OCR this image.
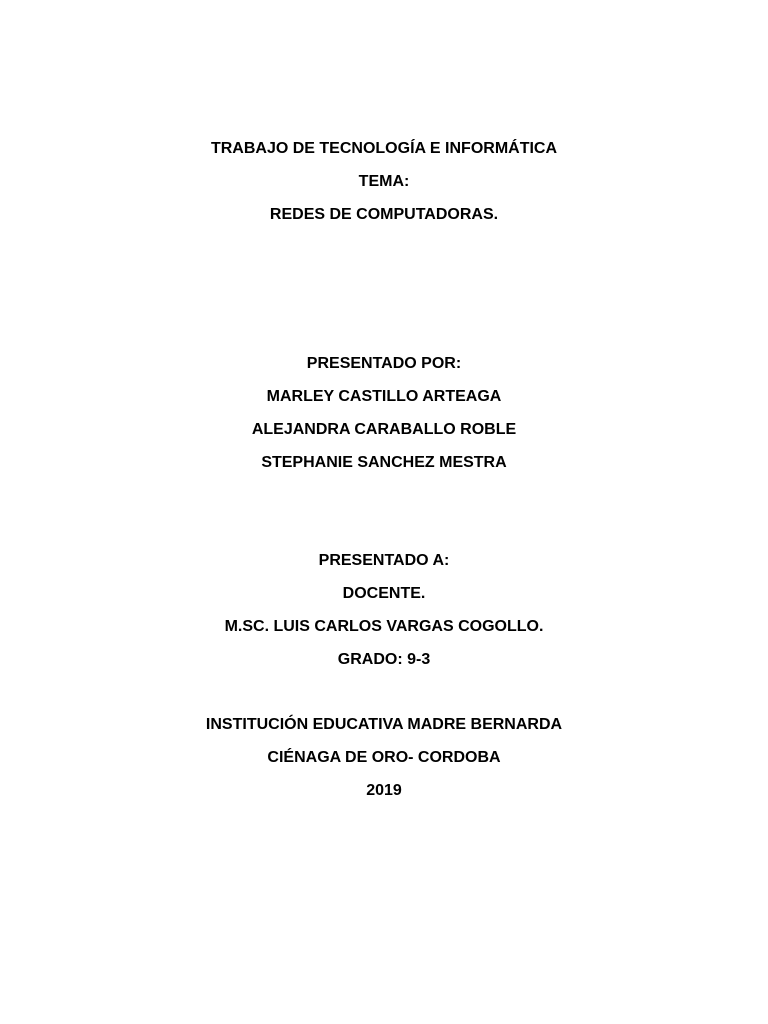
TRABAJO DE TECNOLOGÍA E INFORMÁTICA
TEMA:
REDES DE COMPUTADORAS.
PRESENTADO POR:
MARLEY CASTILLO ARTEAGA
ALEJANDRA CARABALLO ROBLE
STEPHANIE SANCHEZ MESTRA
PRESENTADO A:
DOCENTE.
M.SC. LUIS CARLOS VARGAS COGOLLO.
GRADO: 9-3
INSTITUCIÓN EDUCATIVA MADRE BERNARDA
CIÉNAGA DE ORO- CORDOBA
2019
